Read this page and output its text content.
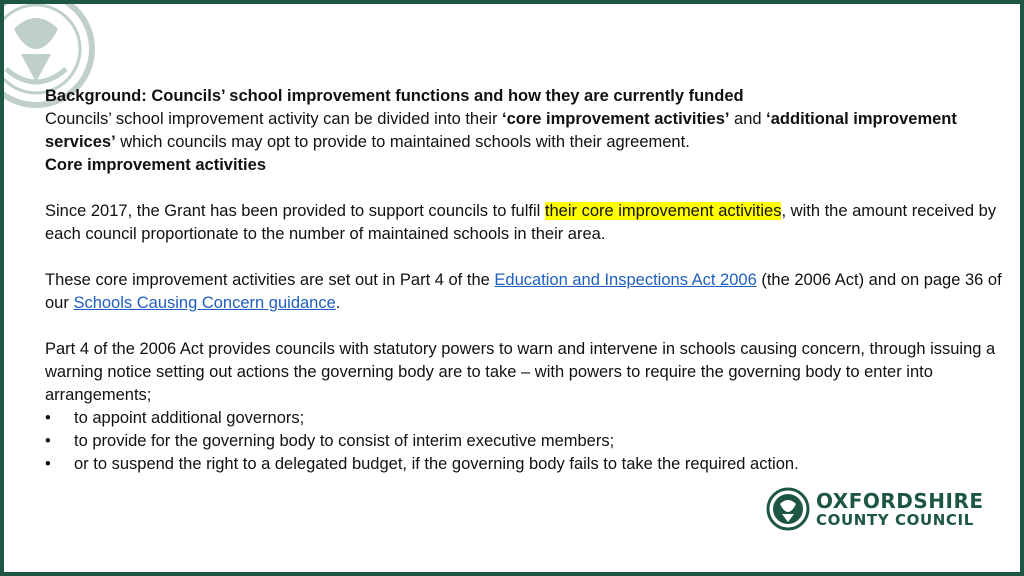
Background: Councils’ school improvement functions and how they are currently funded

Councils’ school improvement activity can be divided into their ‘core improvement activities’ and ‘additional improvement services’ which councils may opt to provide to maintained schools with their agreement.

Core improvement activities

Since 2017, the Grant has been provided to support councils to fulfil their core improvement activities, with the amount received by each council proportionate to the number of maintained schools in their area.

These core improvement activities are set out in Part 4 of the Education and Inspections Act 2006 (the 2006 Act) and on page 36 of our Schools Causing Concern guidance.

Part 4 of the 2006 Act provides councils with statutory powers to warn and intervene in schools causing concern, through issuing a warning notice setting out actions the governing body are to take – with powers to require the governing body to enter into arrangements;

•	to appoint additional governors;
•	to provide for the governing body to consist of interim executive members;
•	or to suspend the right to a delegated budget, if the governing body fails to take the required action.
OXFORDSHIRE
COUNTY COUNCIL
